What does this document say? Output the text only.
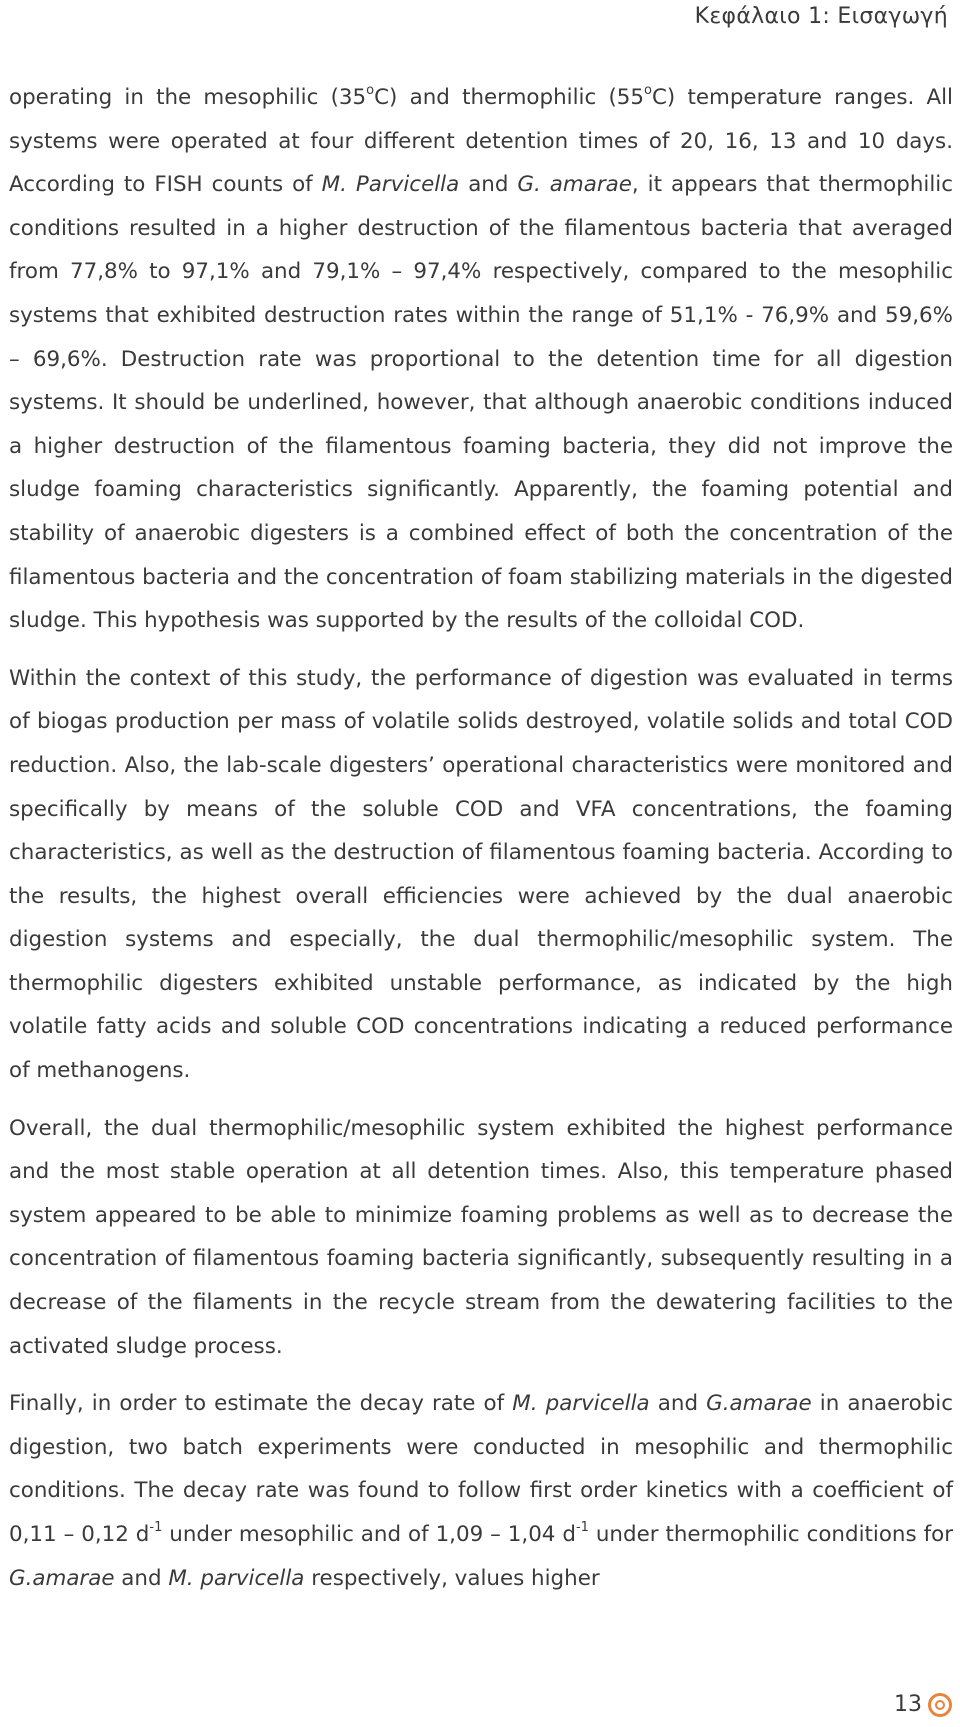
Κεφάλαιο 1: Εισαγωγή

operating in the mesophilic (35$^o$C) and thermophilic (55$^o$C) temperature ranges. All systems were operated at four different detention times of 20, 16, 13 and 10 days. According to FISH counts of M. Parvicella and G. amarae, it appears that thermophilic conditions resulted in a higher destruction of the filamentous bacteria that averaged from 77,8% to 97,1% and 79,1% – 97,4% respectively, compared to the mesophilic systems that exhibited destruction rates within the range of 51,1% - 76,9% and 59,6% – 69,6%. Destruction rate was proportional to the detention time for all digestion systems. It should be underlined, however, that although anaerobic conditions induced a higher destruction of the filamentous foaming bacteria, they did not improve the sludge foaming characteristics significantly. Apparently, the foaming potential and stability of anaerobic digesters is a combined effect of both the concentration of the filamentous bacteria and the concentration of foam stabilizing materials in the digested sludge. This hypothesis was supported by the results of the colloidal COD.

Within the context of this study, the performance of digestion was evaluated in terms of biogas production per mass of volatile solids destroyed, volatile solids and total COD reduction. Also, the lab-scale digesters’ operational characteristics were monitored and specifically by means of the soluble COD and VFA concentrations, the foaming characteristics, as well as the destruction of filamentous foaming bacteria. According to the results, the highest overall efficiencies were achieved by the dual anaerobic digestion systems and especially, the dual thermophilic/mesophilic system. The thermophilic digesters exhibited unstable performance, as indicated by the high volatile fatty acids and soluble COD concentrations indicating a reduced performance of methanogens.

Overall, the dual thermophilic/mesophilic system exhibited the highest performance and the most stable operation at all detention times. Also, this temperature phased system appeared to be able to minimize foaming problems as well as to decrease the concentration of filamentous foaming bacteria significantly, subsequently resulting in a decrease of the filaments in the recycle stream from the dewatering facilities to the activated sludge process.

Finally, in order to estimate the decay rate of M. parvicella and G.amarae in anaerobic digestion, two batch experiments were conducted in mesophilic and thermophilic conditions. The decay rate was found to follow first order kinetics with a coefficient of 0,11 – 0,12 $d^{-1}$ under mesophilic and of 1,09 – 1,04 $d^{-1}$ under thermophilic conditions for G.amarae and M. parvicella respectively, values higher

13
